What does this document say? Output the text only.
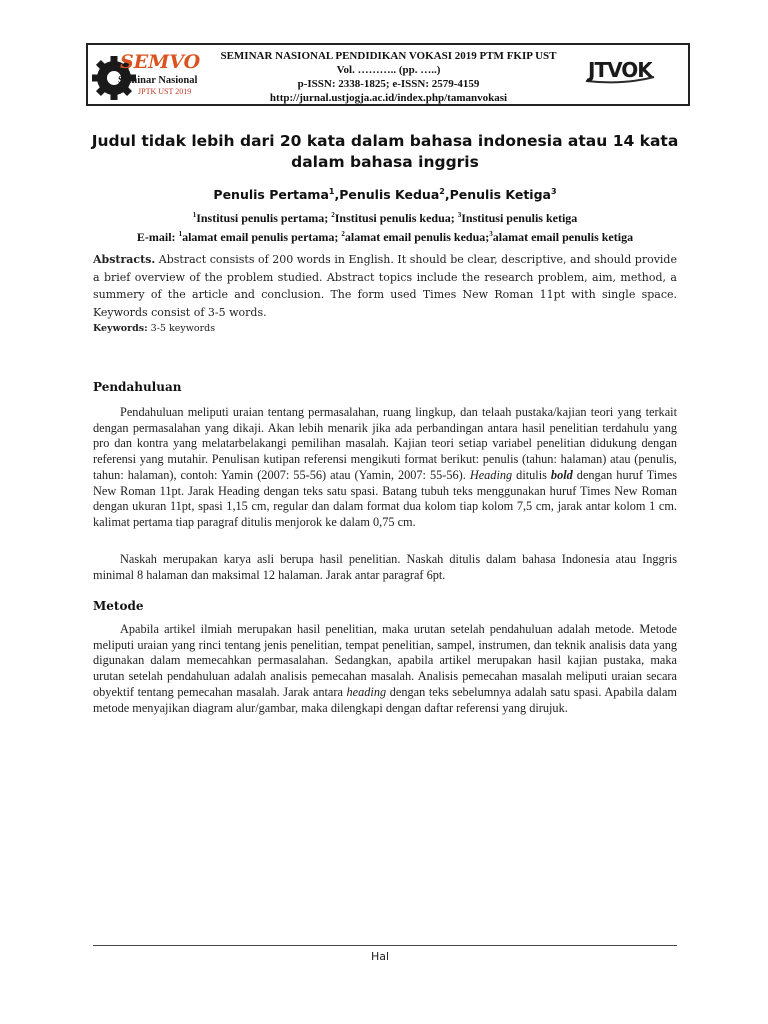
SEMVO
Seminar Nasional
JPTK UST 2019
SEMINAR NASIONAL PENDIDIKAN VOKASI 2019 PTM FKIP UST
Vol. ……….. (pp. …..)
p-ISSN: 2338-1825; e-ISSN: 2579-4159
http://jurnal.ustjogja.ac.id/index.php/tamanvokasi
JTVOK
Judul tidak lebih dari 20 kata dalam bahasa indonesia atau 14 kata dalam bahasa inggris
Penulis Pertama$^1$,Penulis Kedua$^2$,Penulis Ketiga$^3$
$^1$Institusi penulis pertama; $^2$Institusi penulis kedua; $^3$Institusi penulis ketiga
E-mail: $^1$alamat email penulis pertama; $^2$alamat email penulis kedua;$^3$alamat email penulis ketiga
Abstracts. Abstract consists of 200 words in English. It should be clear, descriptive, and should provide a brief overview of the problem studied. Abstract topics include the research problem, aim, method, a summery of the article and conclusion. The form used Times New Roman 11pt with single space. Keywords consist of 3-5 words.
Keywords: 3-5 keywords
Pendahuluan
Pendahuluan meliputi uraian tentang permasalahan, ruang lingkup, dan telaah pustaka/kajian teori yang terkait dengan permasalahan yang dikaji. Akan lebih menarik jika ada perbandingan antara hasil penelitian terdahulu yang pro dan kontra yang melatarbelakangi pemilihan masalah. Kajian teori setiap variabel penelitian didukung dengan referensi yang mutahir. Penulisan kutipan referensi mengikuti format berikut: penulis (tahun: halaman) atau (penulis, tahun: halaman), contoh: Yamin (2007: 55-56) atau (Yamin, 2007: 55-56). Heading ditulis bold dengan huruf Times New Roman 11pt. Jarak Heading dengan teks satu spasi. Batang tubuh teks menggunakan huruf Times New Roman dengan ukuran 11pt, spasi 1,15 cm, regular dan dalam format dua kolom tiap kolom 7,5 cm, jarak antar kolom 1 cm. kalimat pertama tiap paragraf ditulis menjorok ke dalam 0,75 cm.
Naskah merupakan karya asli berupa hasil penelitian. Naskah ditulis dalam bahasa Indonesia atau Inggris minimal 8 halaman dan maksimal 12 halaman. Jarak antar paragraf 6pt.
Metode
Apabila artikel ilmiah merupakan hasil penelitian, maka urutan setelah pendahuluan adalah metode. Metode meliputi uraian yang rinci tentang jenis penelitian, tempat penelitian, sampel, instrumen, dan teknik analisis data yang digunakan dalam memecahkan permasalahan. Sedangkan, apabila artikel merupakan hasil kajian pustaka, maka urutan setelah pendahuluan adalah analisis pemecahan masalah. Analisis pemecahan masalah meliputi uraian secara obyektif tentang pemecahan masalah. Jarak antara heading dengan teks sebelumnya adalah satu spasi. Apabila dalam metode menyajikan diagram alur/gambar, maka dilengkapi dengan daftar referensi yang dirujuk.
Hal
